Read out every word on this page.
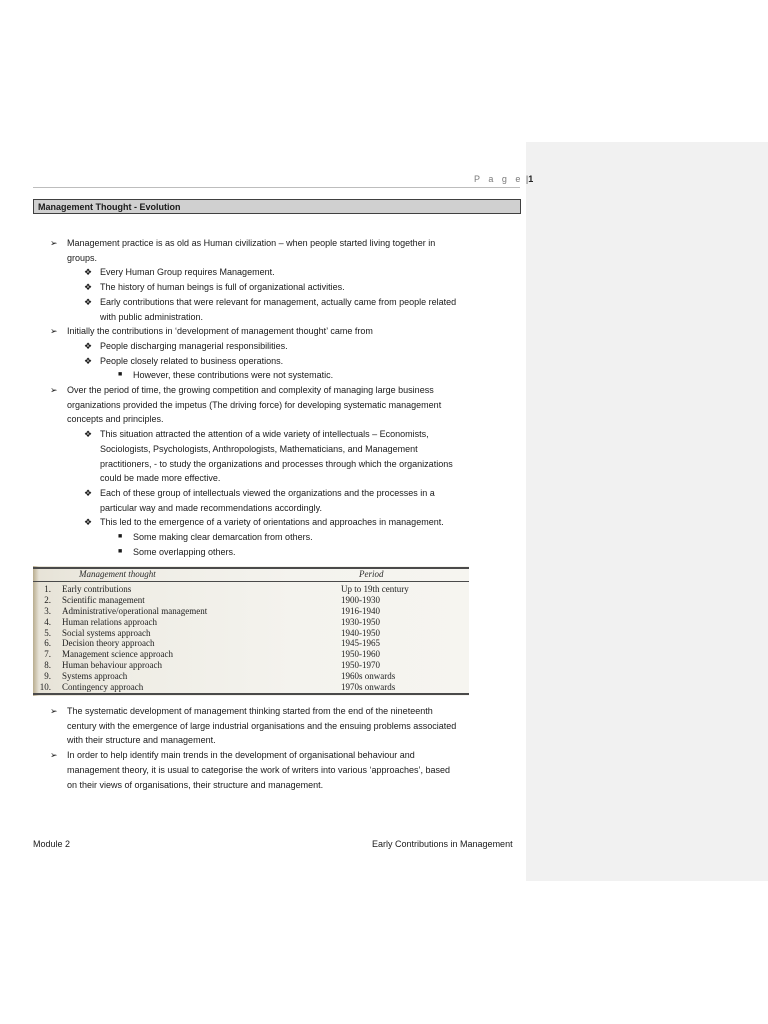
P a g e |1
Management Thought - Evolution
➢ Management practice is as old as Human civilization – when people started living together in
groups.
❖ Every Human Group requires Management.
❖ The history of human beings is full of organizational activities.
❖ Early contributions that were relevant for management, actually came from people related
with public administration.
➢ Initially the contributions in ‘development of management thought’ came from
❖ People discharging managerial responsibilities.
❖ People closely related to business operations.
■ However, these contributions were not systematic.
➢ Over the period of time, the growing competition and complexity of managing large business
organizations provided the impetus (The driving force) for developing systematic management
concepts and principles.
❖ This situation attracted the attention of a wide variety of intellectuals – Economists,
Sociologists, Psychologists, Anthropologists, Mathematicians, and Management
practitioners, - to study the organizations and processes through which the organizations
could be made more effective.
❖ Each of these group of intellectuals viewed the organizations and the processes in a
particular way and made recommendations accordingly.
❖ This led to the emergence of a variety of orientations and approaches in management.
■ Some making clear demarcation from others.
■ Some overlapping others.
Management thought	Period
1. Early contributions	Up to 19th century
2. Scientific management	1900-1930
3. Administrative/operational management	1916-1940
4. Human relations approach	1930-1950
5. Social systems approach	1940-1950
6. Decision theory approach	1945-1965
7. Management science approach	1950-1960
8. Human behaviour approach	1950-1970
9. Systems approach	1960s onwards
10. Contingency approach	1970s onwards
➢ The systematic development of management thinking started from the end of the nineteenth
century with the emergence of large industrial organisations and the ensuing problems associated
with their structure and management.
➢ In order to help identify main trends in the development of organisational behaviour and
management theory, it is usual to categorise the work of writers into various ‘approaches’, based
on their views of organisations, their structure and management.
Module 2	Early Contributions in Management
